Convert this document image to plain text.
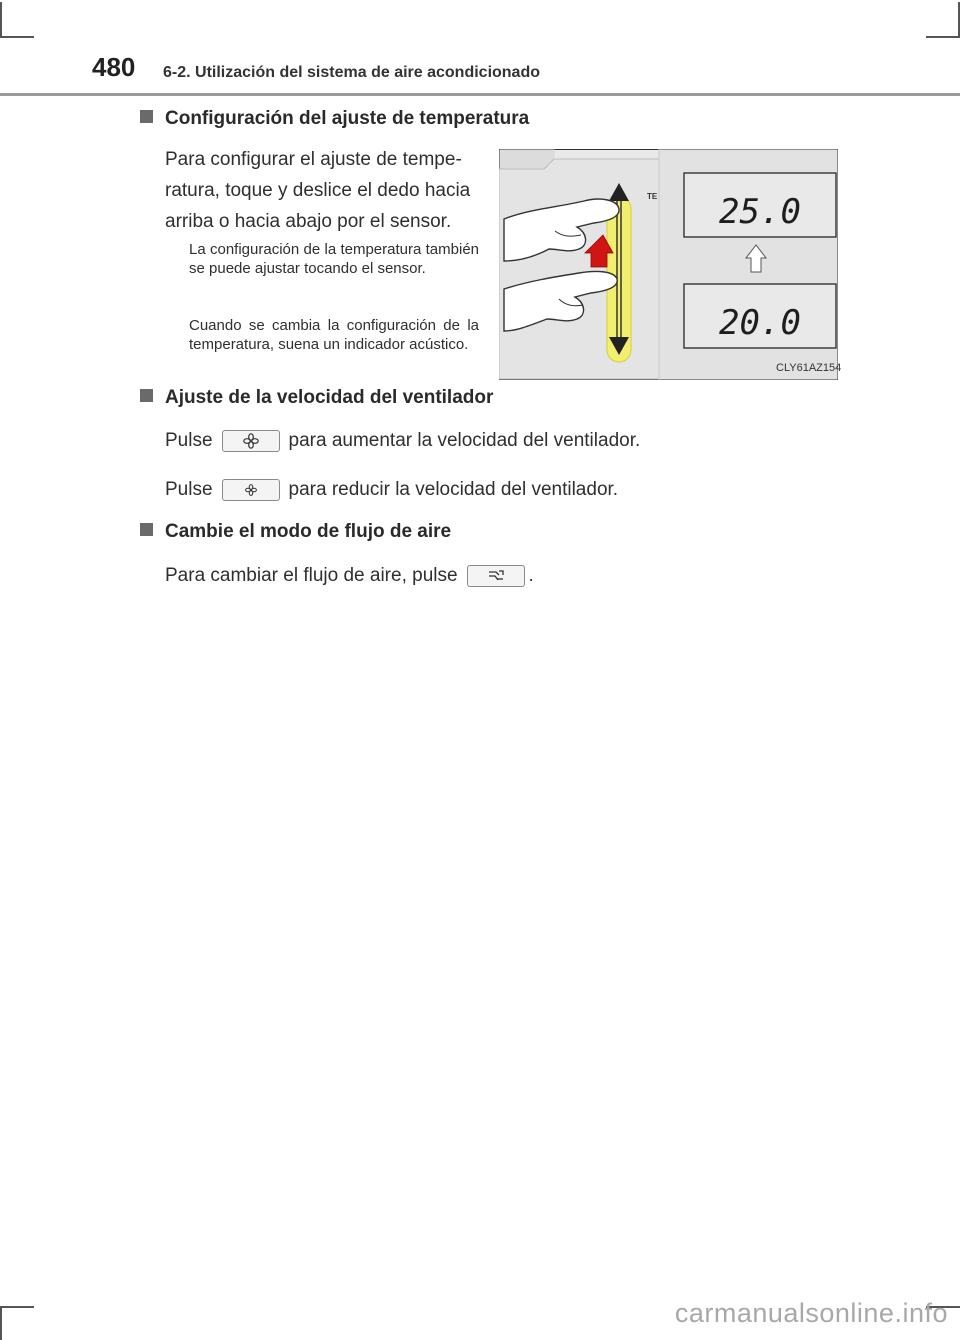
480 6-2. Utilización del sistema de aire acondicionado
Configuración del ajuste de temperatura
Para configurar el ajuste de tempe-
ratura, toque y deslice el dedo hacia
arriba o hacia abajo por el sensor.
La configuración de la temperatura también se puede ajustar tocando el sensor.
Cuando se cambia la configuración de la temperatura, suena un indicador acústico.
TE 25.0
20.0
CLY61AZ154
Ajuste de la velocidad del ventilador
Pulse	para aumentar la velocidad del ventilador.
Pulse	para reducir la velocidad del ventilador.
Cambie el modo de flujo de aire
Para cambiar el flujo de aire, pulse	.
carmanualsonline.info
